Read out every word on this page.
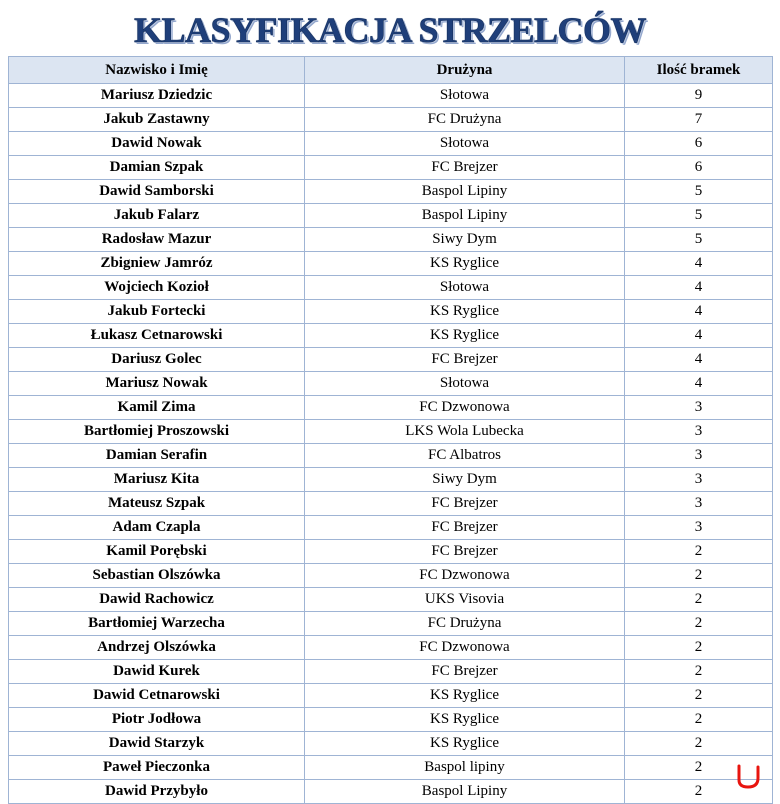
KLASYFIKACJA STRZELCÓW
Nazwisko i Imię	Drużyna	Ilość bramek
Mariusz Dziedzic	Słotowa	9
Jakub Zastawny	FC Drużyna	7
Dawid Nowak	Słotowa	6
Damian Szpak	FC Brejzer	6
Dawid Samborski	Baspol Lipiny	5
Jakub Falarz	Baspol Lipiny	5
Radosław Mazur	Siwy Dym	5
Zbigniew Jamróz	KS Ryglice	4
Wojciech Kozioł	Słotowa	4
Jakub Fortecki	KS Ryglice	4
Łukasz Cetnarowski	KS Ryglice	4
Dariusz Golec	FC Brejzer	4
Mariusz Nowak	Słotowa	4
Kamil Zima	FC Dzwonowa	3
Bartłomiej Proszowski	LKS Wola Lubecka	3
Damian Serafin	FC Albatros	3
Mariusz Kita	Siwy Dym	3
Mateusz Szpak	FC Brejzer	3
Adam Czapla	FC Brejzer	3
Kamil Porębski	FC Brejzer	2
Sebastian Olszówka	FC Dzwonowa	2
Dawid Rachowicz	UKS Visovia	2
Bartłomiej Warzecha	FC Drużyna	2
Andrzej Olszówka	FC Dzwonowa	2
Dawid Kurek	FC Brejzer	2
Dawid Cetnarowski	KS Ryglice	2
Piotr Jodłowa	KS Ryglice	2
Dawid Starzyk	KS Ryglice	2
Paweł Pieczonka	Baspol lipiny	2
Dawid Przybyło	Baspol Lipiny	2
